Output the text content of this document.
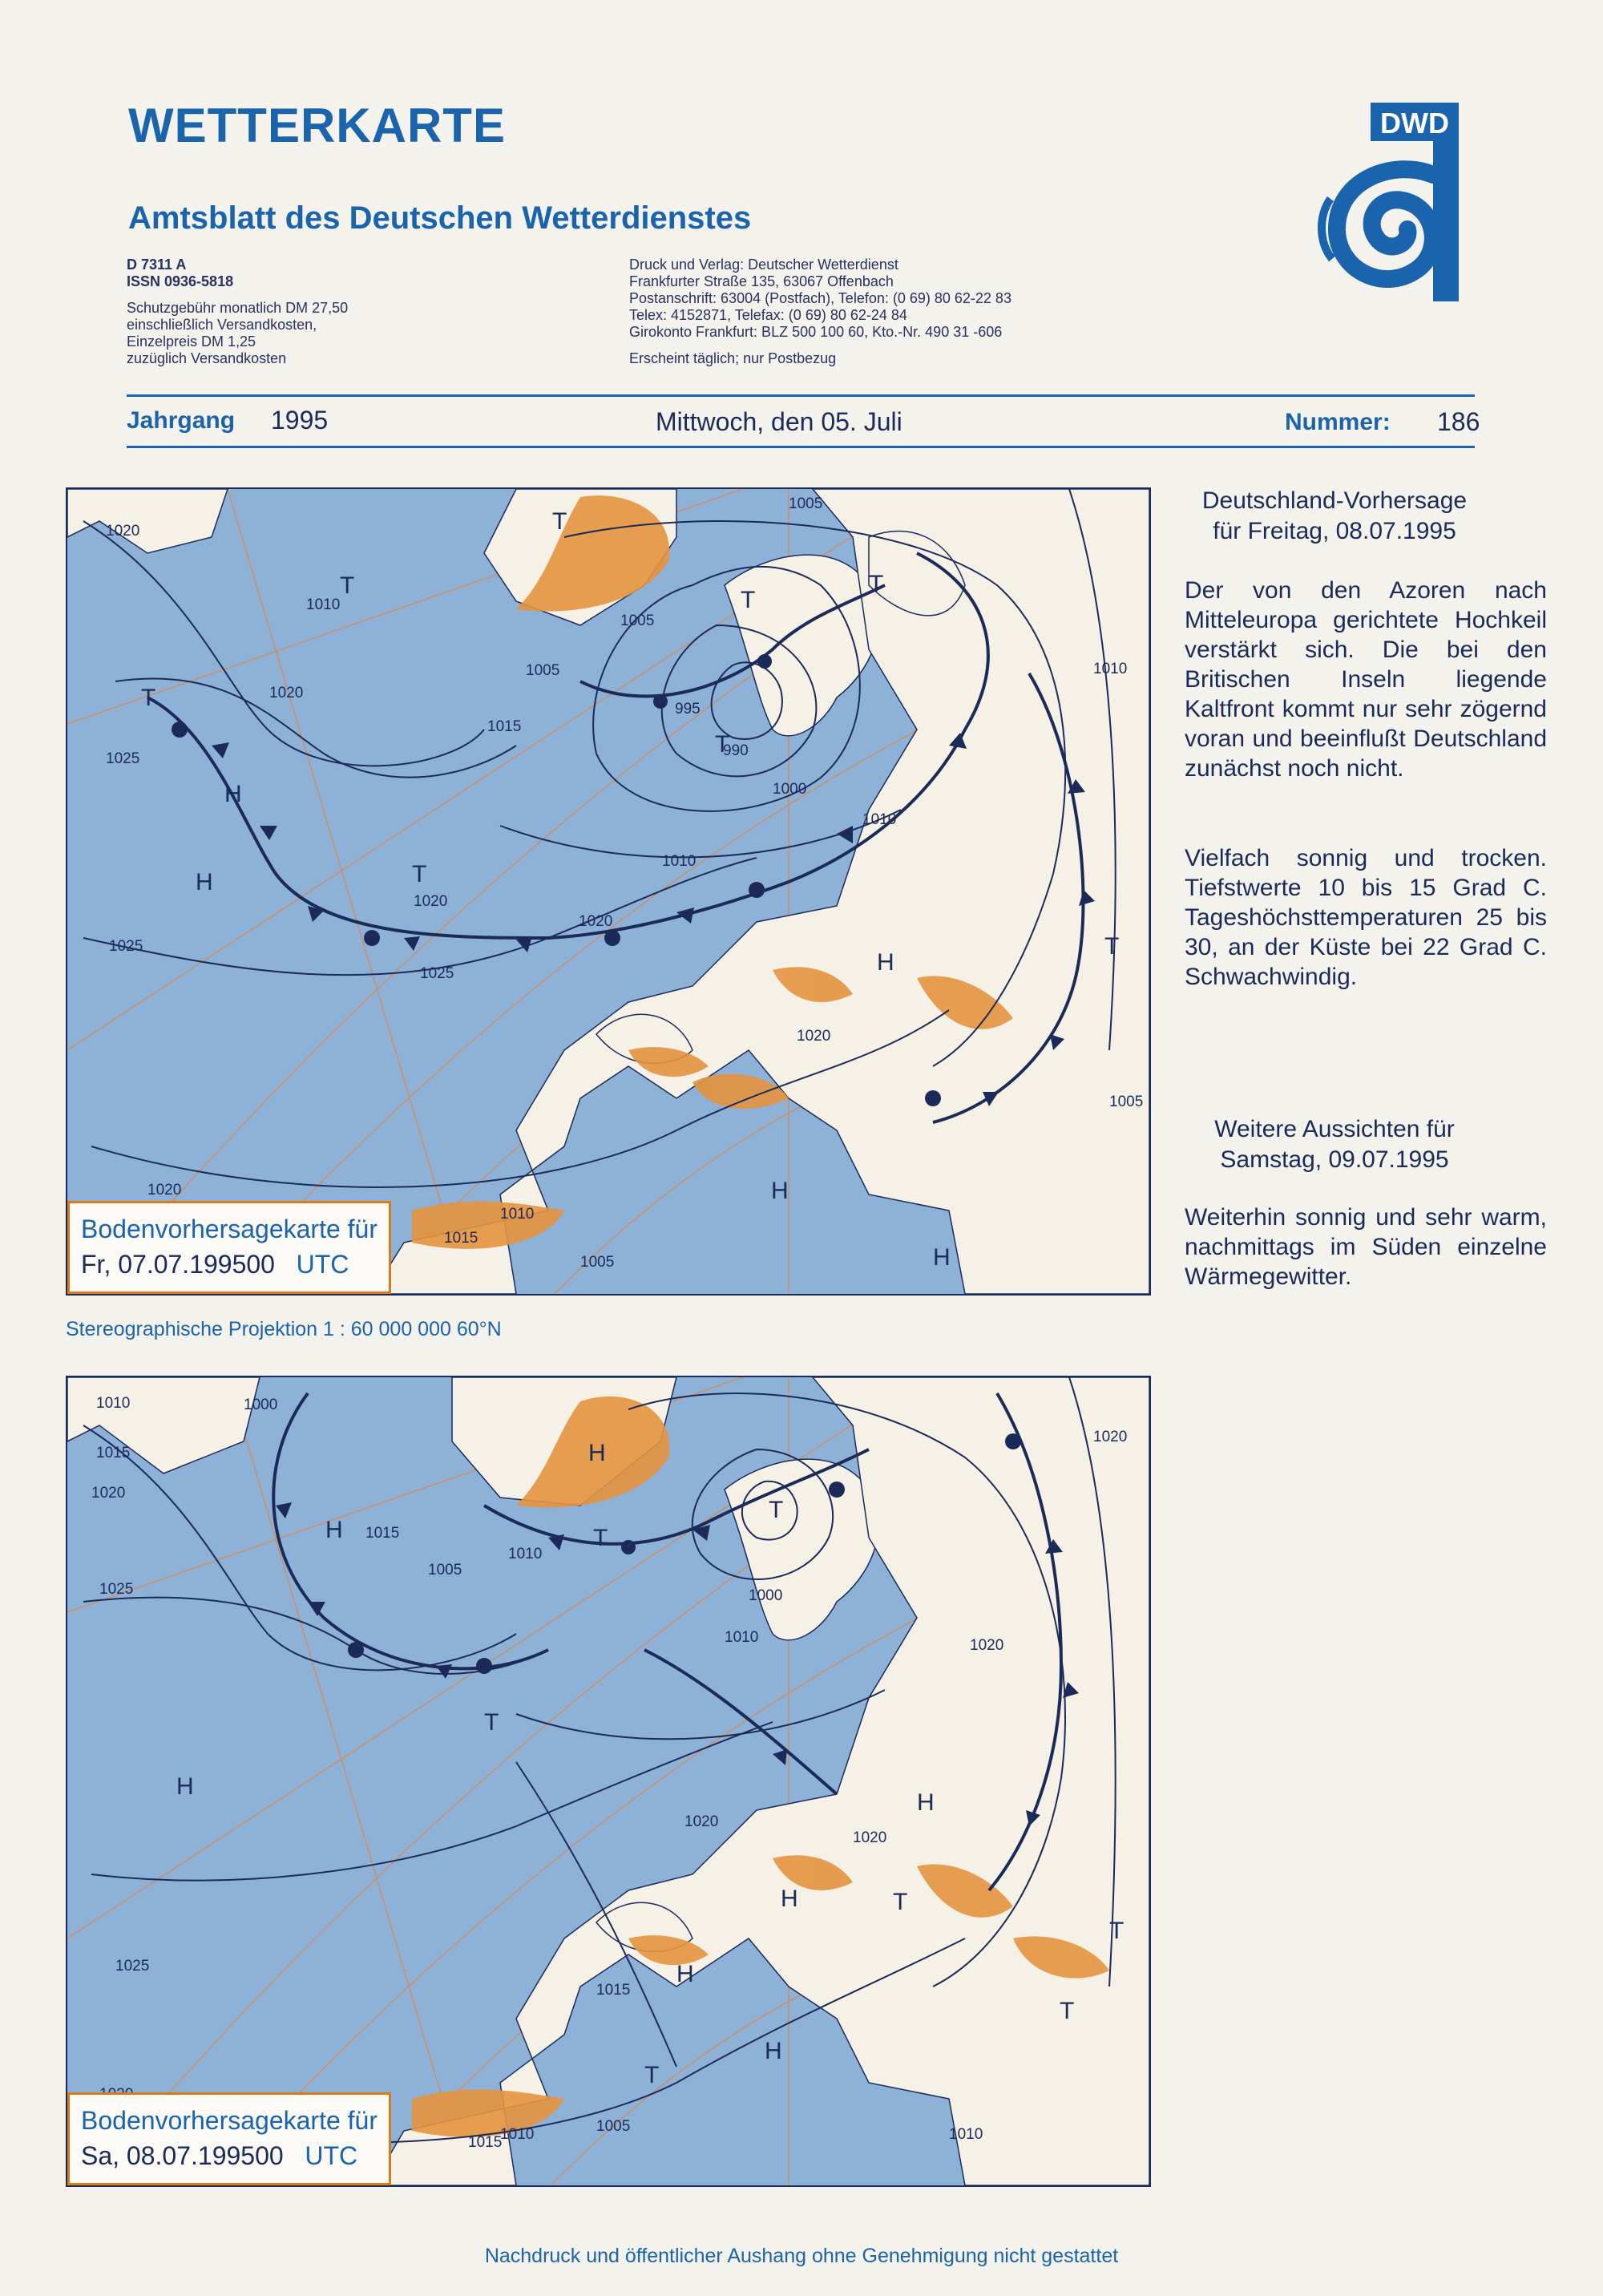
WETTERKARTE
Amtsblatt des Deutschen Wetterdienstes
D 7311 A
ISSN 0936-5818
Schutzgebühr monatlich DM 27,50
einschließlich Versandkosten,
Einzelpreis DM 1,25
zuzüglich Versandkosten
Druck und Verlag: Deutscher Wetterdienst
Frankfurter Straße 135, 63067 Offenbach
Postanschrift: 63004 (Postfach), Telefon: (0 69) 80 62-22 83
Telex: 4152871, Telefax: (0 69) 80 62-24 84
Girokonto Frankfurt: BLZ 500 100 60, Kto.-Nr. 490 31 -606
Erscheint täglich; nur Postbezug
DWD
Jahrgang 1995	Mittwoch, den 05. Juli	Nummer: 186
T
T
T
T
T
T
T
H
H
H
H
H
T
1020
1010
1020
1025
1015
1005
1005
995
990
1000
1010
1005
1020
1020
1025
1025
1020
1020
1010
1005
1010
1015
1010
1005
Bodenvorhersagekarte für
Fr, 07.07.199500 UTC
Stereographische Projektion 1 : 60 000 000 60°N
H
H	T
T
T
H
H
H	T
T
H
T
H
T
1010	1000
1015
1020
1025
1015
1005
1010
1000
1010	1020
1020
1020
1025
1015
1010	1005	1010
1015
1020
Bodenvorhersagekarte für
Sa, 08.07.199500 UTC
Deutschland-Vorhersage
für Freitag, 08.07.1995
Der von den Azoren nach Mitteleuropa gerichtete Hochkeil verstärkt sich. Die bei den Britischen Inseln liegende Kaltfront kommt nur sehr zögernd voran und beeinflußt Deutschland zunächst noch nicht.
Vielfach sonnig und trocken. Tiefstwerte 10 bis 15 Grad C. Tageshöchsttemperaturen 25 bis 30, an der Küste bei 22 Grad C. Schwachwindig.
Weitere Aussichten für
Samstag, 09.07.1995
Weiterhin sonnig und sehr warm, nachmittags im Süden einzelne Wärmegewitter.
Nachdruck und öffentlicher Aushang ohne Genehmigung nicht gestattet
